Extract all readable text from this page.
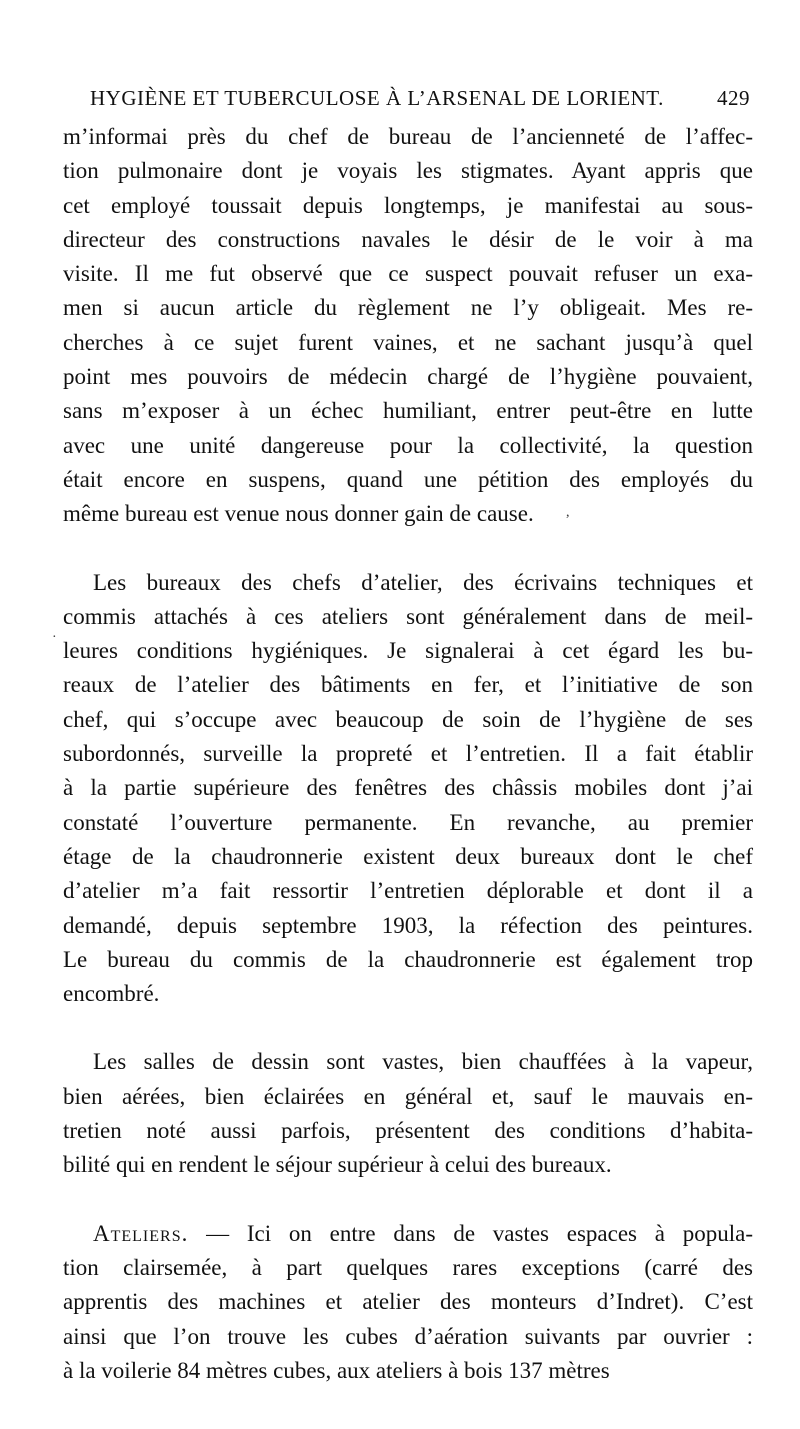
HYGIÈNE ET TUBERCULOSE À L’ARSENAL DE LORIENT.	429

m’informai près du chef de bureau de l’ancienneté de l’affec-
tion pulmonaire dont je voyais les stigmates. Ayant appris que
cet employé toussait depuis longtemps, je manifestai au sous-
directeur des constructions navales le désir de le voir à ma
visite. Il me fut observé que ce suspect pouvait refuser un exa-
men si aucun article du règlement ne l’y obligeait. Mes re-
cherches à ce sujet furent vaines, et ne sachant jusqu’à quel
point mes pouvoirs de médecin chargé de l’hygiène pouvaient,
sans m’exposer à un échec humiliant, entrer peut-être en lutte
avec une unité dangereuse pour la collectivité, la question
était encore en suspens, quand une pétition des employés du
même bureau est venue nous donner gain de cause.

Les bureaux des chefs d’atelier, des écrivains techniques et
commis attachés à ces ateliers sont généralement dans de meil-
leures conditions hygiéniques. Je signalerai à cet égard les bu-
reaux de l’atelier des bâtiments en fer, et l’initiative de son
chef, qui s’occupe avec beaucoup de soin de l’hygiène de ses
subordonnés, surveille la propreté et l’entretien. Il a fait établir
à la partie supérieure des fenêtres des châssis mobiles dont j’ai
constaté l’ouverture permanente. En revanche, au premier
étage de la chaudronnerie existent deux bureaux dont le chef
d’atelier m’a fait ressortir l’entretien déplorable et dont il a
demandé, depuis septembre 1903, la réfection des peintures.
Le bureau du commis de la chaudronnerie est également trop
encombré.

Les salles de dessin sont vastes, bien chauffées à la vapeur,
bien aérées, bien éclairées en général et, sauf le mauvais en-
tretien noté aussi parfois, présentent des conditions d’habita-
bilité qui en rendent le séjour supérieur à celui des bureaux.

Ateliers. — Ici on entre dans de vastes espaces à popula-
tion clairsemée, à part quelques rares exceptions (carré des
apprentis des machines et atelier des monteurs d’Indret). C’est
ainsi que l’on trouve les cubes d’aération suivants par ouvrier :
à la voilerie 84 mètres cubes, aux ateliers à bois 137 mètres

,
·
